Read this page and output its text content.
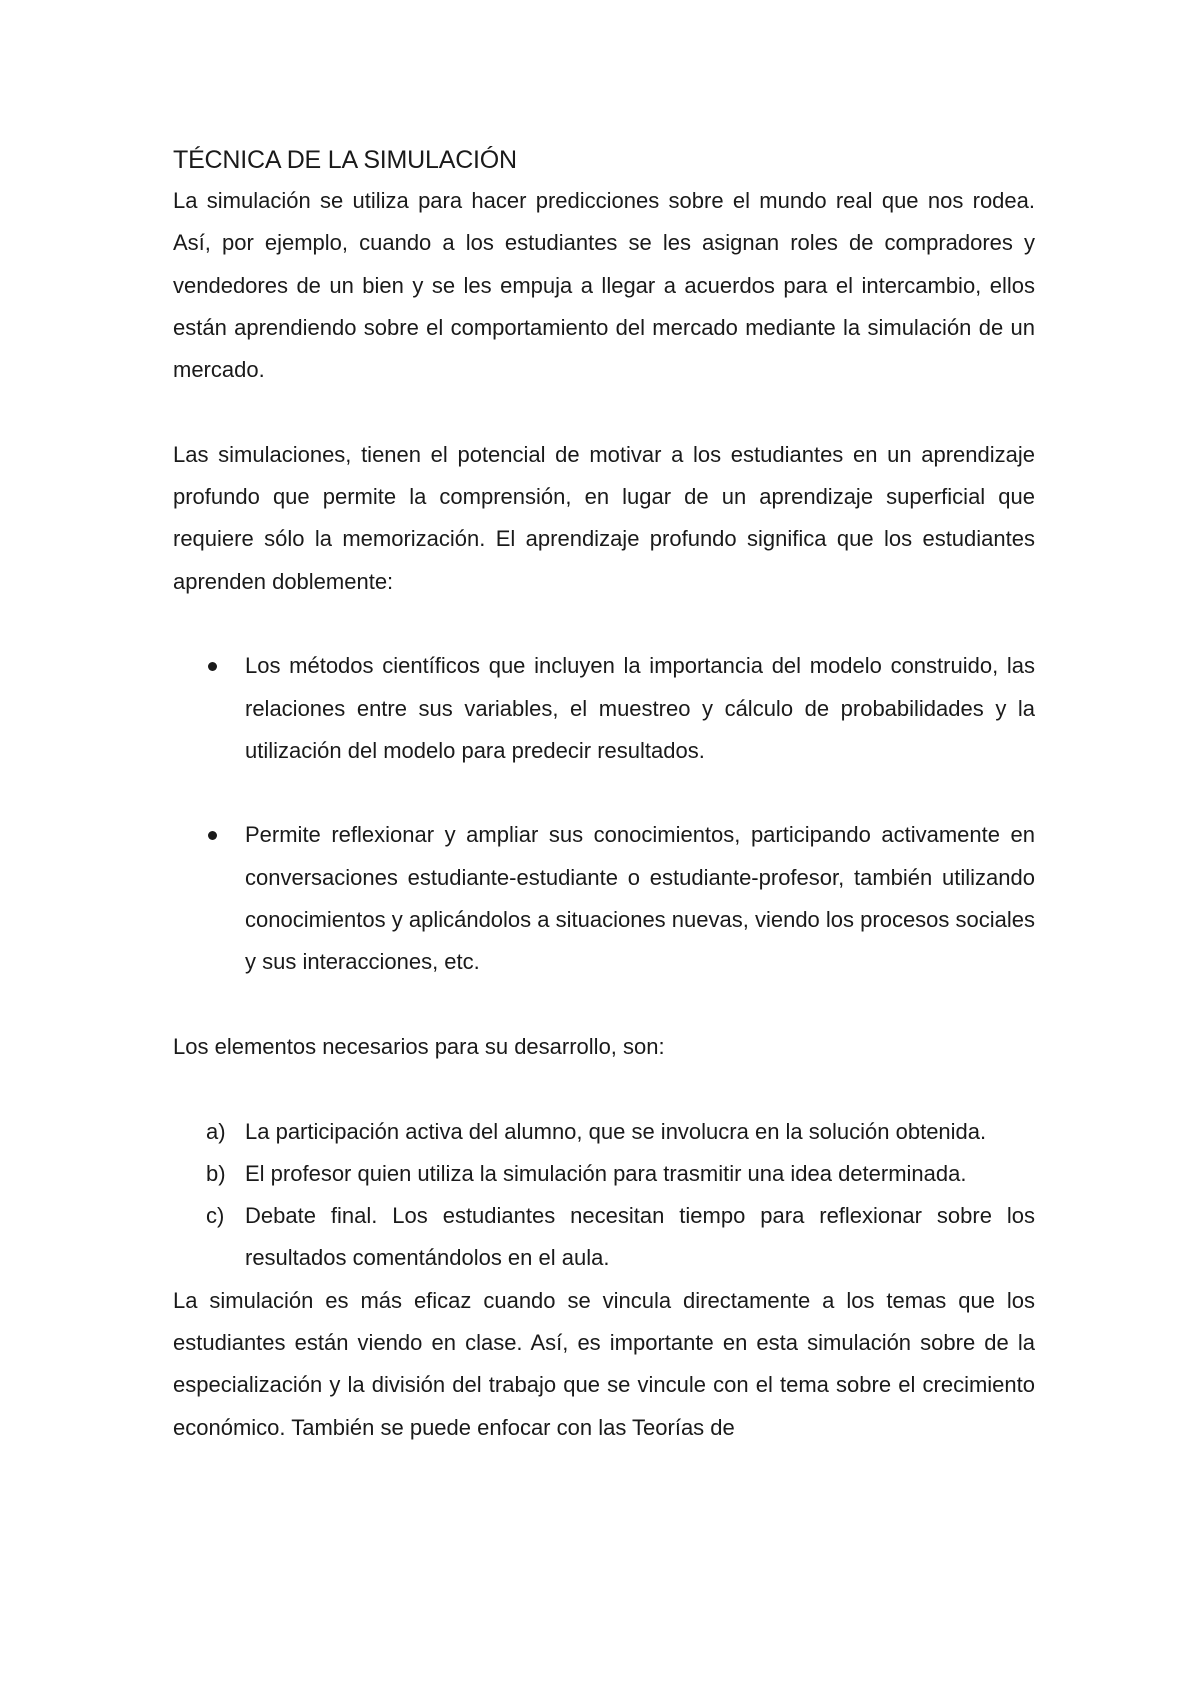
TÉCNICA DE LA SIMULACIÓN

La simulación se utiliza para hacer predicciones sobre el mundo real que nos rodea. Así, por ejemplo, cuando a los estudiantes se les asignan roles de compradores y vendedores de un bien y se les empuja a llegar a acuerdos para el intercambio, ellos están aprendiendo sobre el comportamiento del mercado mediante la simulación de un mercado.

Las simulaciones, tienen el potencial de motivar a los estudiantes en un aprendizaje profundo que permite la comprensión, en lugar de un aprendizaje superficial que requiere sólo la memorización. El aprendizaje profundo significa que los estudiantes aprenden doblemente:

Los métodos científicos que incluyen la importancia del modelo construido, las relaciones entre sus variables, el muestreo y cálculo de probabilidades y la utilización del modelo para predecir resultados.
Permite reflexionar y ampliar sus conocimientos, participando activamente en conversaciones estudiante-estudiante o estudiante-profesor, también utilizando conocimientos y aplicándolos a situaciones nuevas, viendo los procesos sociales y sus interacciones, etc.

Los elementos necesarios para su desarrollo, son:

a) La participación activa del alumno, que se involucra en la solución obtenida.
b) El profesor quien utiliza la simulación para trasmitir una idea determinada.
c) Debate final. Los estudiantes necesitan tiempo para reflexionar sobre los resultados comentándolos en el aula.

La simulación es más eficaz cuando se vincula directamente a los temas que los estudiantes están viendo en clase. Así, es importante en esta simulación sobre de la especialización y la división del trabajo que se vincule con el tema sobre el crecimiento económico. También se puede enfocar con las Teorías de
